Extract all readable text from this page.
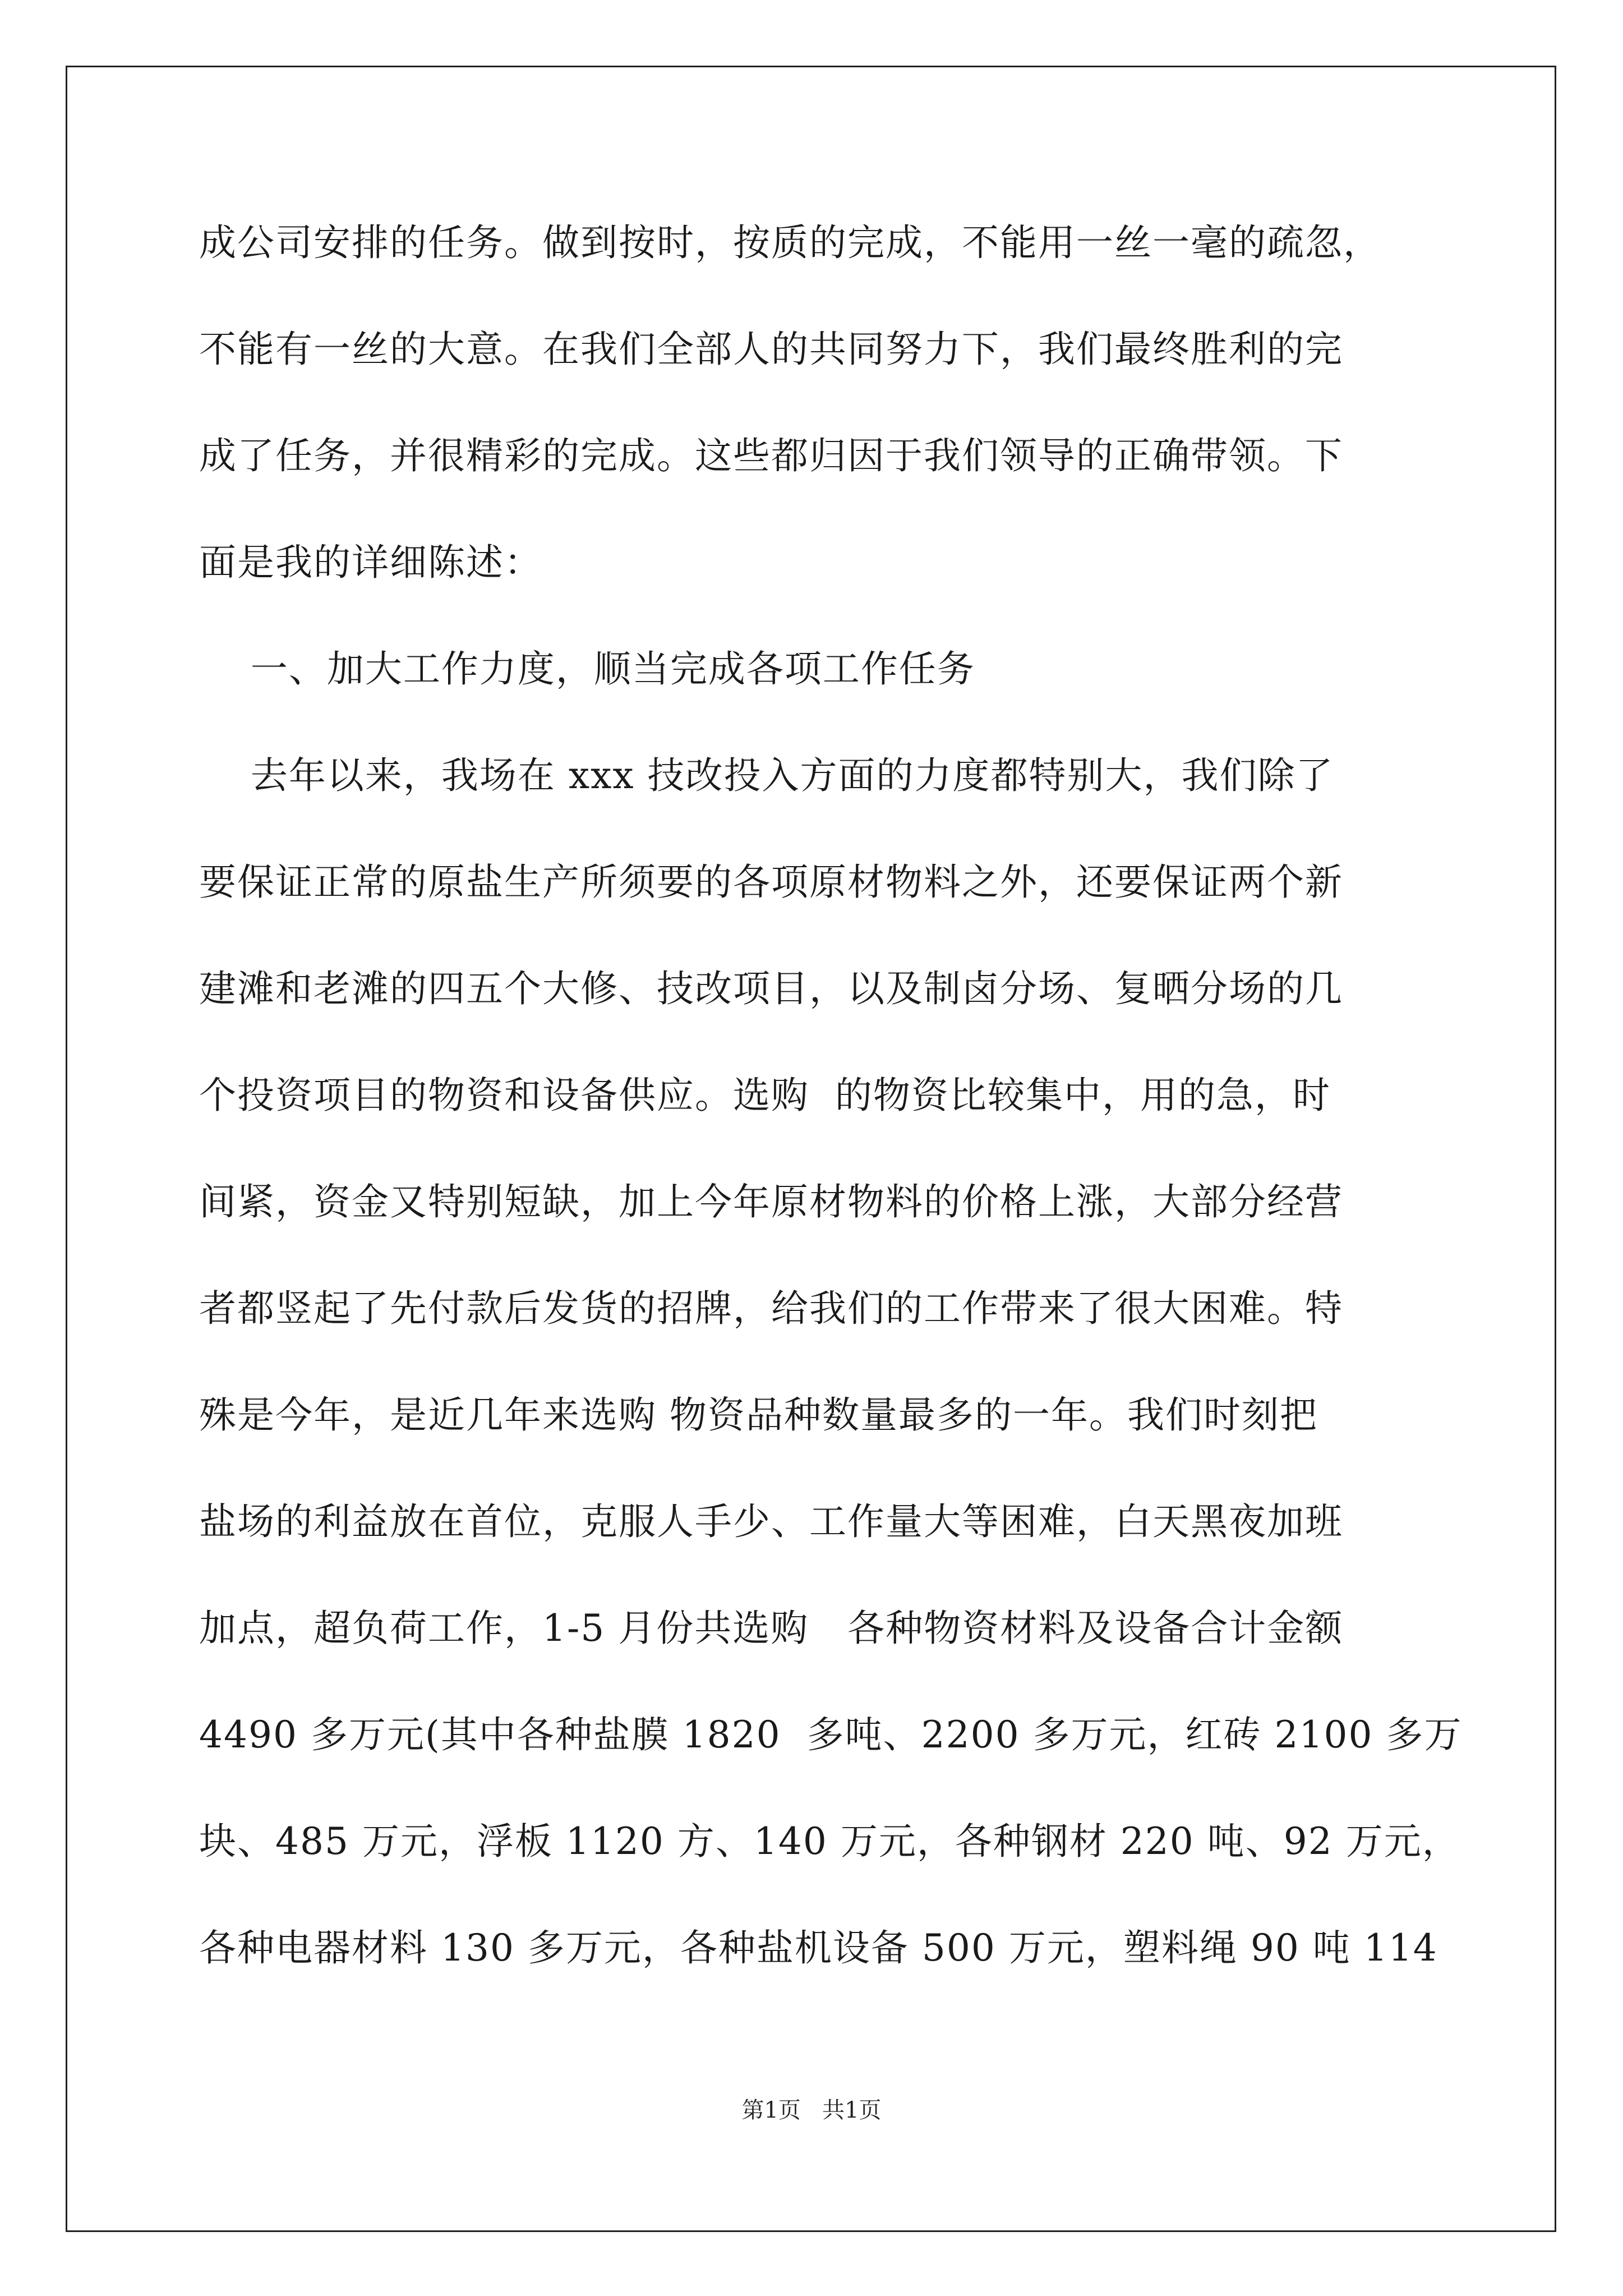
成公司安排的任务。做到按时，按质的完成，不能用一丝一毫的疏忽，
不能有一丝的大意。在我们全部人的共同努力下，我们最终胜利的完
成了任务，并很精彩的完成。这些都归因于我们领导的正确带领。下
面是我的详细陈述：
一、加大工作力度，顺当完成各项工作任务
去年以来，我场在 xxx 技改投入方面的力度都特别大，我们除了
要保证正常的原盐生产所须要的各项原材物料之外，还要保证两个新
建滩和老滩的四五个大修、技改项目，以及制卤分场、复晒分场的几
个投资项目的物资和设备供应。选购  的物资比较集中，用的急，时
间紧，资金又特别短缺，加上今年原材物料的价格上涨，大部分经营
者都竖起了先付款后发货的招牌，给我们的工作带来了很大困难。特
殊是今年，是近几年来选购 物资品种数量最多的一年。我们时刻把
盐场的利益放在首位，克服人手少、工作量大等困难，白天黑夜加班
加点，超负荷工作，1-5 月份共选购   各种物资材料及设备合计金额
4490 多万元(其中各种盐膜 1820  多吨、2200 多万元，红砖 2100 多万
块、485 万元，浮板 1120 方、140 万元，各种钢材 220 吨、92 万元，
各种电器材料 130 多万元，各种盐机设备 500 万元，塑料绳 90 吨 114
第1页   共1页
